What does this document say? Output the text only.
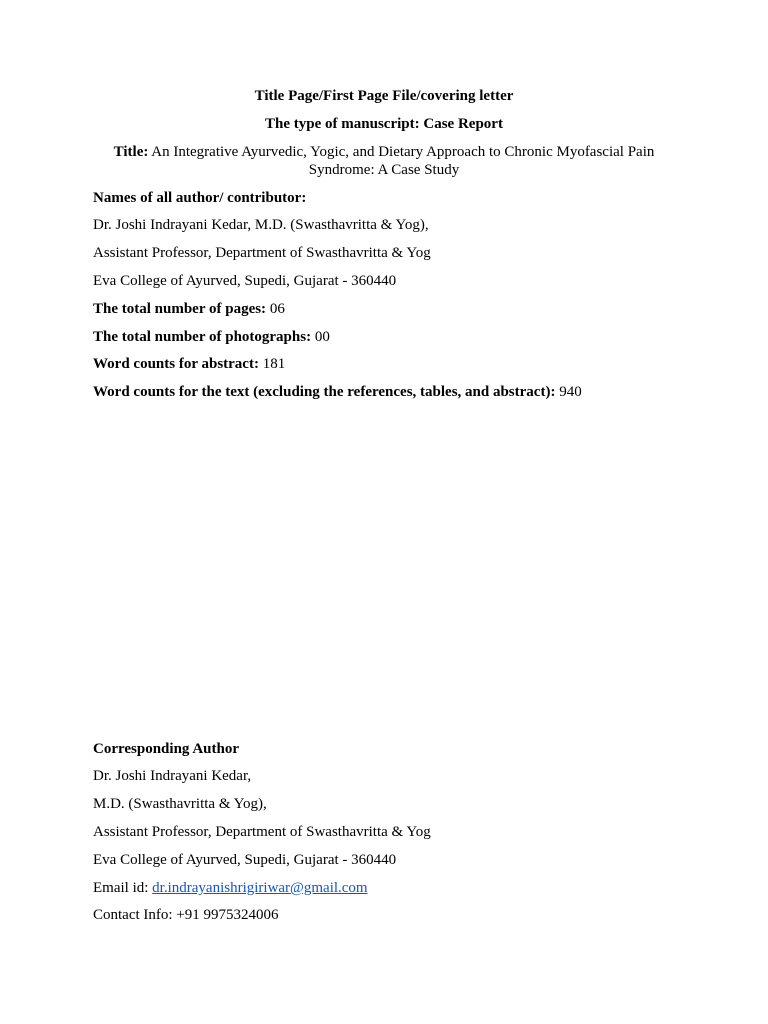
Title Page/First Page File/covering letter
The type of manuscript: Case Report
Title: An Integrative Ayurvedic, Yogic, and Dietary Approach to Chronic Myofascial Pain Syndrome: A Case Study
Names of all author/ contributor:
Dr. Joshi Indrayani Kedar, M.D. (Swasthavritta & Yog),
Assistant Professor, Department of Swasthavritta & Yog
Eva College of Ayurved, Supedi, Gujarat - 360440
The total number of pages: 06
The total number of photographs: 00
Word counts for abstract: 181
Word counts for the text (excluding the references, tables, and abstract): 940
Corresponding Author
Dr. Joshi Indrayani Kedar,
M.D. (Swasthavritta & Yog),
Assistant Professor, Department of Swasthavritta & Yog
Eva College of Ayurved, Supedi, Gujarat - 360440
Email id: dr.indrayanishrigiriwar@gmail.com
Contact Info: +91 9975324006
